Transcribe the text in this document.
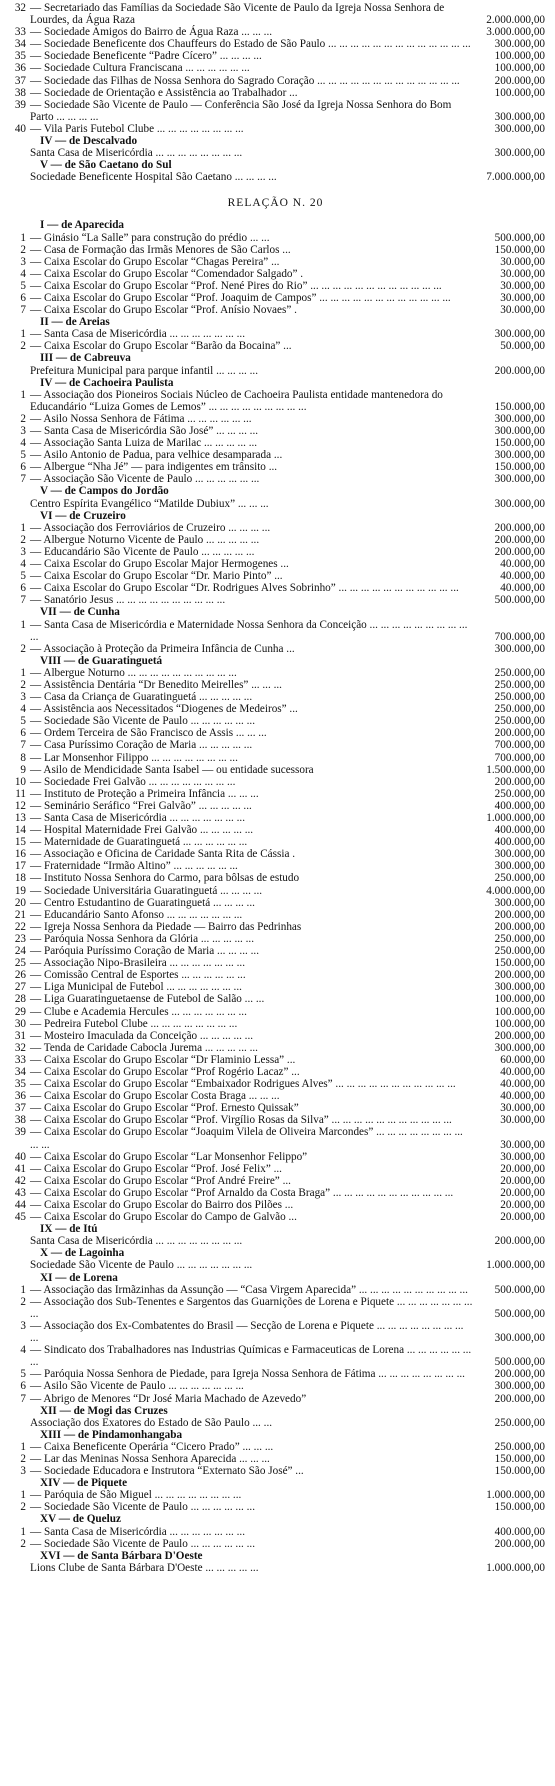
32 — Secretariado das Famílias da Sociedade São Vicente de Paulo da Igreja Nossa Senhora de Lourdes, da Água Raza	2.000.000,00
33 — Sociedade Amigos do Bairro de Água Raza ... ... ...	3.000.000,00
34 — Sociedade Beneficente dos Chauffeurs do Estado de São Paulo ... ... ... ... ... ... ... ... ... ... ... ... ...	300.000,00
35 — Sociedade Beneficente “Padre Cícero” ... ... ... ...	100.000,00
36 — Sociedade Cultura Franciscana ... ... ... ... ... ...	100.000,00
37 — Sociedade das Filhas de Nossa Senhora do Sagrado Coração ... ... ... ... ... ... ... ... ... ... ... ... ...	200.000,00
38 — Sociedade de Orientação e Assistência ao Trabalhador ...	100.000,00
39 — Sociedade São Vicente de Paulo — Conferência São José da Igreja Nossa Senhora do Bom Parto ... ... ... ...	300.000,00
40 — Vila Paris Futebol Clube ... ... ... ... ... ... ... ...	300.000,00
IV — de Descalvado
Santa Casa de Misericórdia ... ... ... ... ... ... ... ...	300.000,00
V — de São Caetano do Sul
Sociedade Beneficente Hospital São Caetano ... ... ... ...	7.000.000,00
RELAÇÃO N. 20
I — de Aparecida
1 — Ginásio “La Salle” para construção do prédio ... ...	500.000,00
2 — Casa de Formação das Irmãs Menores de São Carlos ...	150.000,00
3 — Caixa Escolar do Grupo Escolar “Chagas Pereira” ...	30.000,00
4 — Caixa Escolar do Grupo Escolar “Comendador Salgado” .	30.000,00
5 — Caixa Escolar do Grupo Escolar “Prof. Nené Pires do Rio” ... ... ... ... ... ... ... ... ... ... ... ...	30.000,00
6 — Caixa Escolar do Grupo Escolar “Prof. Joaquim de Campos” ... ... ... ... ... ... ... ... ... ... ... ...	30.000,00
7 — Caixa Escolar do Grupo Escolar “Prof. Anísio Novaes” .	30.000,00
II — de Areias
1 — Santa Casa de Misericórdia ... ... ... ... ... ... ...	300.000,00
2 — Caixa Escolar do Grupo Escolar “Barão da Bocaina” ...	50.000,00
III — de Cabreuva
Prefeitura Municipal para parque infantil ... ... ... ...	200.000,00
IV — de Cachoeira Paulista
1 — Associação dos Pioneiros Sociais Núcleo de Cachoeira Paulista entidade mantenedora do Educandário “Luiza Gomes de Lemos” ... ... ... ... ... ... ... ... ...	150.000,00
2 — Asilo Nossa Senhora de Fátima ... ... ... ... ... ...	300.000,00
3 — Santa Casa de Misericórdia São José” ... ... ... ...	300.000,00
4 — Associação Santa Luiza de Marilac ... ... ... ... ...	150.000,00
5 — Asilo Antonio de Padua, para velhice desamparada ...	300.000,00
6 — Albergue “Nha Jé” — para indigentes em trânsito ...	150.000,00
7 — Associação São Vicente de Paulo ... ... ... ... ... ...	300.000,00
V — de Campos do Jordão
Centro Espírita Evangélico “Matilde Dubiux” ... ... ...	300.000,00
VI — de Cruzeiro
1 — Associação dos Ferroviários de Cruzeiro ... ... ... ...	200.000,00
2 — Albergue Noturno Vicente de Paulo ... ... ... ... ...	200.000,00
3 — Educandário São Vicente de Paulo ... ... ... ... ...	200.000,00
4 — Caixa Escolar do Grupo Escolar Major Hermogenes ...	40.000,00
5 — Caixa Escolar do Grupo Escolar “Dr. Mario Pinto” ...	40.000,00
6 — Caixa Escolar do Grupo Escolar “Dr. Rodrigues Alves Sobrinho” ... ... ... ... ... ... ... ... ... ... ...	40.000,00
7 — Sanatório Jesus ... ... ... ... ... ... ... ... ... ...	500.000,00
VII — de Cunha
1 — Santa Casa de Misericórdia e Maternidade Nossa Senhora da Conceição ... ... ... ... ... ... ... ... ... ...	700.000,00
2 — Associação à Proteção da Primeira Infância de Cunha ...	300.000,00
VIII — de Guaratinguetá
1 — Albergue Noturno ... ... ... ... ... ... ... ... ... ...	250.000,00
2 — Assistência Dentária “Dr Benedito Meirelles” ... ... ...	250.000,00
3 — Casa da Criança de Guaratinguetá ... ... ... ... ...	250.000,00
4 — Assistência aos Necessitados “Diogenes de Medeiros” ...	250.000,00
5 — Sociedade São Vicente de Paulo ... ... ... ... ... ...	250.000,00
6 — Ordem Terceira de São Francisco de Assis ... ... ...	200.000,00
7 — Casa Puríssimo Coração de Maria ... ... ... ... ...	700.000,00
8 — Lar Monsenhor Filippo ... ... ... ... ... ... ... ...	700.000,00
9 — Asilo de Mendicidade Santa Isabel — ou entidade sucessora	1.500.000,00
10 — Sociedade Frei Galvão ... ... ... ... ... ... ... ...	200.000,00
11 — Instituto de Proteção a Primeira Infância ... ... ...	250.000,00
12 — Seminário Seráfico “Frei Galvão” ... ... ... ... ...	400.000,00
13 — Santa Casa de Misericórdia ... ... ... ... ... ... ...	1.000.000,00
14 — Hospital Maternidade Frei Galvão ... ... ... ... ...	400.000,00
15 — Maternidade de Guaratinguetá ... ... ... ... ... ...	400.000,00
16 — Associação e Oficina de Caridade Santa Rita de Cássia .	300.000,00
17 — Fraternidade “Irmão Altino” ... ... ... ... ... ...	300.000,00
18 — Instituto Nossa Senhora do Carmo, para bôlsas de estudo	250.000,00
19 — Sociedade Universitária Guaratinguetá ... ... ... ...	4.000.000,00
20 — Centro Estudantino de Guaratinguetá ... ... ... ...	300.000,00
21 — Educandário Santo Afonso ... ... ... ... ... ... ...	200.000,00
22 — Igreja Nossa Senhora da Piedade — Bairro das Pedrinhas	200.000,00
23 — Paróquia Nossa Senhora da Glória ... ... ... ... ...	250.000,00
24 — Paróquia Puríssimo Coração de Maria ... ... ... ...	250.000,00
25 — Associação Nipo-Brasileira ... ... ... ... ... ... ...	150.000,00
26 — Comissão Central de Esportes ... ... ... ... ... ...	200.000,00
27 — Liga Municipal de Futebol ... ... ... ... ... ... ...	300.000,00
28 — Liga Guaratinguetaense de Futebol de Salão ... ...	100.000,00
29 — Clube e Academia Hercules ... ... ... ... ... ... ...	100.000,00
30 — Pedreira Futebol Clube ... ... ... ... ... ... ... ...	100.000,00
31 — Mosteiro Imaculada da Conceição ... ... ... ... ...	200.000,00
32 — Tenda de Caridade Cabocla Jurema ... ... ... ... ...	300.000,00
33 — Caixa Escolar do Grupo Escolar “Dr Flaminio Lessa” ...	60.000,00
34 — Caixa Escolar do Grupo Escolar “Prof Rogério Lacaz” ...	40.000,00
35 — Caixa Escolar do Grupo Escolar “Embaixador Rodrigues Alves” ... ... ... ... ... ... ... ... ... ... ...	40.000,00
36 — Caixa Escolar do Grupo Escolar Costa Braga ... ... ...	40.000,00
37 — Caixa Escolar do Grupo Escolar “Prof. Ernesto Quissak”	30.000,00
38 — Caixa Escolar do Grupo Escolar “Prof. Virgílio Rosas da Silva” ... ... ... ... ... ... ... ... ... ... ...	30.000,00
39 — Caixa Escolar do Grupo Escolar “Joaquim Vilela de Oliveira Marcondes” ... ... ... ... ... ... ... ... ... ...	30.000,00
40 — Caixa Escolar do Grupo Escolar “Lar Monsenhor Felippo”	30.000,00
41 — Caixa Escolar do Grupo Escolar “Prof. José Felix” ...	20.000,00
42 — Caixa Escolar do Grupo Escolar “Prof André Freire” ...	20.000,00
43 — Caixa Escolar do Grupo Escolar “Prof Arnaldo da Costa Braga” ... ... ... ... ... ... ... ... ... ... ...	20.000,00
44 — Caixa Escolar do Grupo Escolar do Bairro dos Pilões ...	20.000,00
45 — Caixa Escolar do Grupo Escolar do Campo de Galvão ...	20.000,00
IX — de Itú
Santa Casa de Misericórdia ... ... ... ... ... ... ... ...	200.000,00
X — de Lagoinha
Sociedade São Vicente de Paulo ... ... ... ... ... ... ...	1.000.000,00
XI — de Lorena
1 — Associação das Irmãzinhas da Assunção — “Casa Virgem Aparecida” ... ... ... ... ... ... ... ... ... ...	500.000,00
2 — Associação dos Sub-Tenentes e Sargentos das Guarnições de Lorena e Piquete ... ... ... ... ... ... ... ...	500.000,00
3 — Associação dos Ex-Combatentes do Brasil — Secção de Lorena e Piquete ... ... ... ... ... ... ... ... ...	300.000,00
4 — Sindicato dos Trabalhadores nas Industrias Químicas e Farmaceuticas de Lorena ... ... ... ... ... ... ...	500.000,00
5 — Paróquia Nossa Senhora de Piedade, para Igreja Nossa Senhora de Fátima ... ... ... ... ... ... ... ...	200.000,00
6 — Asilo São Vicente de Paulo ... ... ... ... ... ... ...	300.000,00
7 — Abrigo de Menores “Dr José Maria Machado de Azevedo”	200.000,00
XII — de Mogi das Cruzes
Associação dos Exatores do Estado de São Paulo ... ...	250.000,00
XIII — de Pindamonhangaba
1 — Caixa Beneficente Operária “Cicero Prado” ... ... ...	250.000,00
2 — Lar das Meninas Nossa Senhora Aparecida ... ... ...	150.000,00
3 — Sociedade Educadora e Instrutora “Externato São José” ...	150.000,00
XIV — de Piquete
1 — Paróquia de São Miguel ... ... ... ... ... ... ... ...	1.000.000,00
2 — Sociedade São Vicente de Paulo ... ... ... ... ... ...	150.000,00
XV — de Queluz
1 — Santa Casa de Misericórdia ... ... ... ... ... ... ...	400.000,00
2 — Sociedade São Vicente de Paulo ... ... ... ... ... ...	200.000,00
XVI — de Santa Bárbara D'Oeste
Lions Clube de Santa Bárbara D'Oeste ... ... ... ... ...	1.000.000,00
